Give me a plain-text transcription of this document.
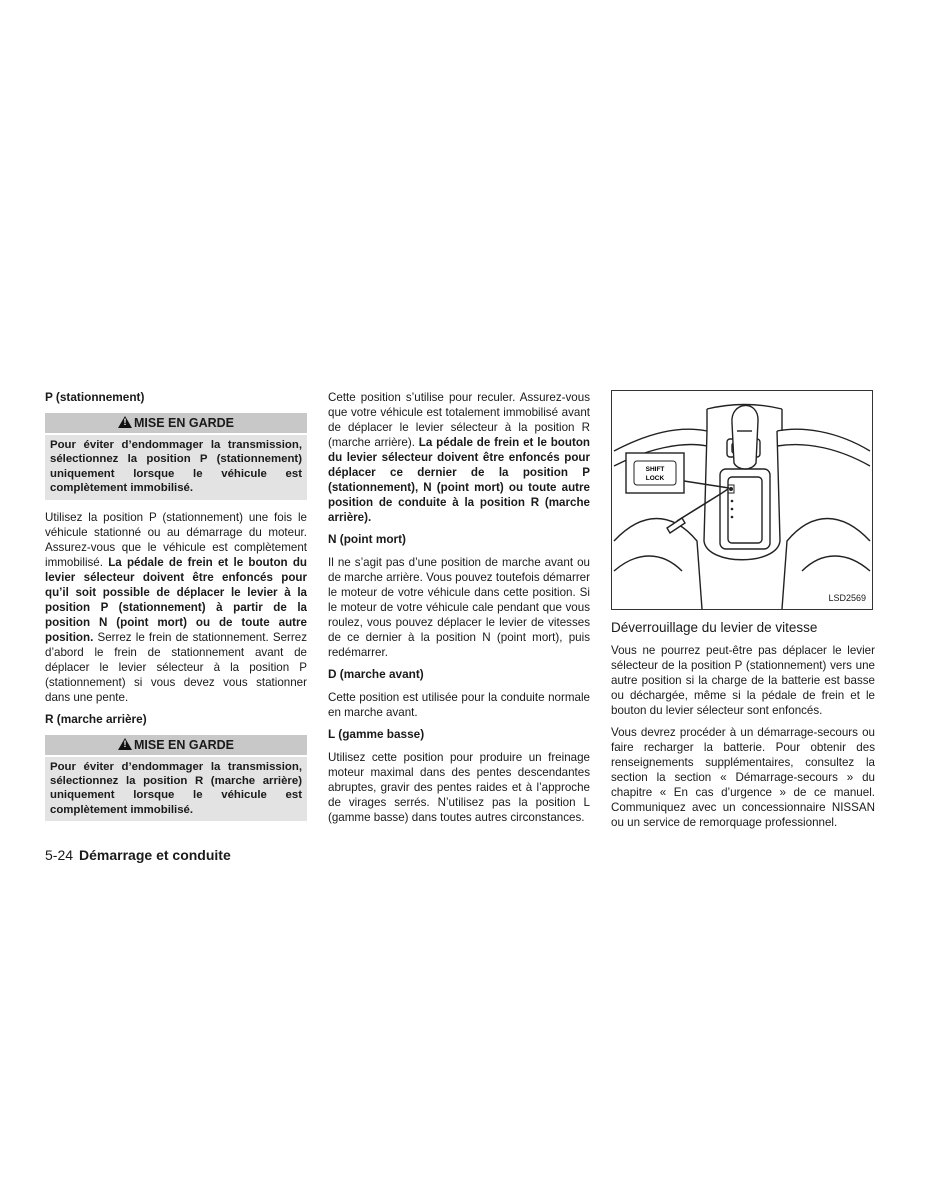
P (stationnement)
! MISE EN GARDE
Pour éviter d’endommager la transmission, sélectionnez la position P (stationnement) uniquement lorsque le véhicule est complètement immobilisé.

Utilisez la position P (stationnement) une fois le véhicule stationné ou au démarrage du moteur. Assurez-vous que le véhicule est complètement immobilisé. La pédale de frein et le bouton du levier sélecteur doivent être enfoncés pour qu’il soit possible de déplacer le levier à la position P (stationnement) à partir de la position N (point mort) ou de toute autre position. Serrez le frein de stationnement. Serrez d’abord le frein de stationnement avant de déplacer le levier sélecteur à la position P (stationnement) si vous devez vous stationner dans une pente.

R (marche arrière)
! MISE EN GARDE
Pour éviter d’endommager la transmission, sélectionnez la position R (marche arrière) uniquement lorsque le véhicule est complètement immobilisé.

Cette position s’utilise pour reculer. Assurez-vous que votre véhicule est totalement immobilisé avant de déplacer le levier sélecteur à la position R (marche arrière). La pédale de frein et le bouton du levier sélecteur doivent être enfoncés pour déplacer ce dernier de la position P (stationnement), N (point mort) ou toute autre position de conduite à la position R (marche arrière).

N (point mort)

Il ne s’agit pas d’une position de marche avant ou de marche arrière. Vous pouvez toutefois démarrer le moteur de votre véhicule dans cette position. Si le moteur de votre véhicule cale pendant que vous roulez, vous pouvez déplacer le levier de vitesses de ce dernier à la position N (point mort), puis redémarrer.

D (marche avant)

Cette position est utilisée pour la conduite normale en marche avant.

L (gamme basse)

Utilisez cette position pour produire un freinage moteur maximal dans des pentes descendantes abruptes, gravir des pentes raides et à l’approche de virages serrés. N’utilisez pas la position L (gamme basse) dans toutes autres circonstances.

SHIFT
LOCK
LSD2569
Déverrouillage du levier de vitesse

Vous ne pourrez peut-être pas déplacer le levier sélecteur de la position P (stationnement) vers une autre position si la charge de la batterie est basse ou déchargée, même si la pédale de frein et le bouton du levier sélecteur sont enfoncés.

Vous devrez procéder à un démarrage-secours ou faire recharger la batterie. Pour obtenir des renseignements supplémentaires, consultez la section la section « Démarrage-secours » du chapitre « En cas d’urgence » de ce manuel. Communiquez avec un concessionnaire NISSAN ou un service de remorquage professionnel.

5-24 Démarrage et conduite
